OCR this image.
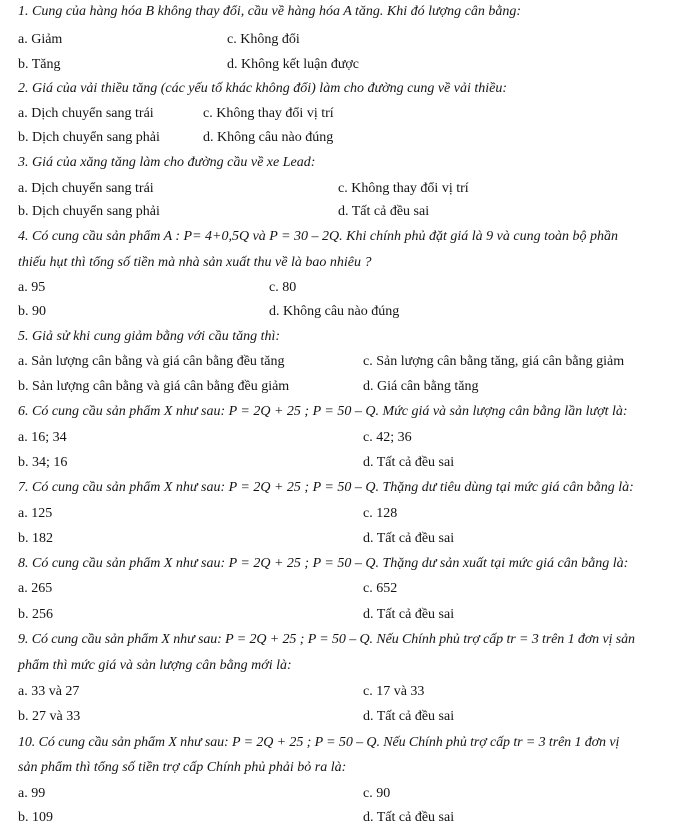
1. Cung của hàng hóa B không thay đổi, cầu về hàng hóa A tăng. Khi đó lượng cân bằng:
a. Giảm	c. Không đổi
b. Tăng	d. Không kết luận được
2. Giá của vải thiều tăng (các yếu tố khác không đổi) làm cho đường cung về vải thiều:
a. Dịch chuyển sang trái	c. Không thay đổi vị trí
b. Dịch chuyển sang phải	d. Không câu nào đúng
3. Giá của xăng tăng làm cho đường cầu về xe Lead:
a. Dịch chuyển sang trái	c. Không thay đổi vị trí
b. Dịch chuyển sang phải	d. Tất cả đều sai
4. Có cung cầu sản phẩm A : P= 4+0,5Q và P = 30 – 2Q. Khi chính phủ đặt giá là 9 và cung toàn bộ phần
thiếu hụt thì tổng số tiền mà nhà sản xuất thu về là bao nhiêu ?
a. 95	c. 80
b. 90	d. Không câu nào đúng
5. Giả sử khi cung giảm bằng với cầu tăng thì:
a. Sản lượng cân bằng và giá cân bằng đều tăng	c. Sản lượng cân bằng tăng, giá cân bằng giảm
b. Sản lượng cân bằng và giá cân bằng đều giảm	d. Giá cân bằng tăng
6. Có cung cầu sản phẩm X như sau: P = 2Q + 25 ; P = 50 – Q. Mức giá và sản lượng cân bằng lần lượt là:
a. 16; 34	c. 42; 36
b. 34; 16	d. Tất cả đều sai
7. Có cung cầu sản phẩm X như sau: P = 2Q + 25 ; P = 50 – Q. Thặng dư tiêu dùng tại mức giá cân bằng là:
a. 125	c. 128
b. 182	d. Tất cả đều sai
8. Có cung cầu sản phẩm X như sau: P = 2Q + 25 ; P = 50 – Q. Thặng dư sản xuất tại mức giá cân bằng là:
a. 265	c. 652
b. 256	d. Tất cả đều sai
9. Có cung cầu sản phẩm X như sau: P = 2Q + 25 ; P = 50 – Q. Nếu Chính phủ trợ cấp tr = 3 trên 1 đơn vị sản
phẩm thì mức giá và sản lượng cân bằng mới là:
a. 33 và 27	c. 17 và 33
b. 27 và 33	d. Tất cả đều sai
10. Có cung cầu sản phẩm X như sau: P = 2Q + 25 ; P = 50 – Q. Nếu Chính phủ trợ cấp tr = 3 trên 1 đơn vị
sản phẩm thì tổng số tiền trợ cấp Chính phủ phải bỏ ra là:
a. 99	c. 90
b. 109	d. Tất cả đều sai
